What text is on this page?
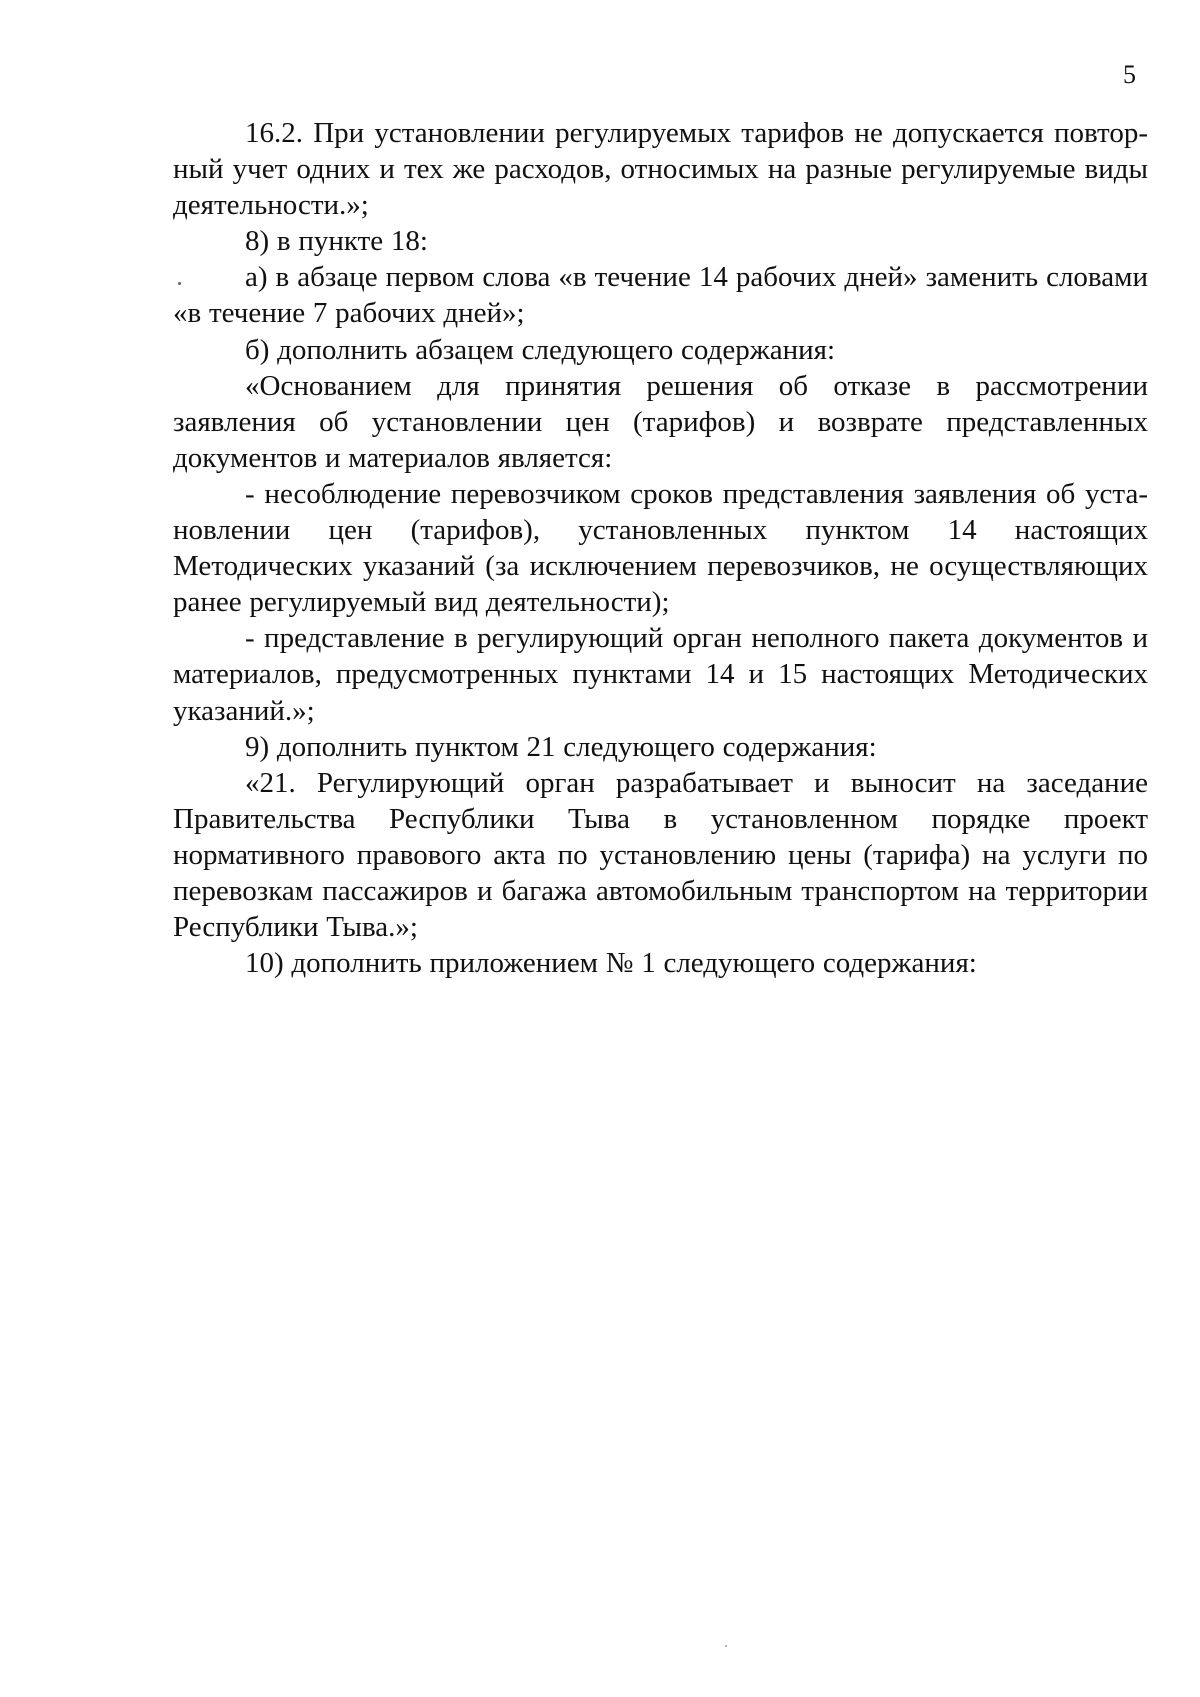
5

16.2. При установлении регулируемых тарифов не допускается повторный учет одних и тех же расходов, относимых на разные регулируемые виды деятельности.»;

8) в пункте 18:

а) в абзаце первом слова «в течение 14 рабочих дней» заменить словами «в течение 7 рабочих дней»;

б) дополнить абзацем следующего содержания:

«Основанием для принятия решения об отказе в рассмотрении заявления об установлении цен (тарифов) и возврате представленных документов и материалов является:

- несоблюдение перевозчиком сроков представления заявления об установлении цен (тарифов), установленных пунктом 14 настоящих Методических указаний (за исключением перевозчиков, не осуществляющих ранее регулируемый вид деятельности);

- представление в регулирующий орган неполного пакета документов и материалов, предусмотренных пунктами 14 и 15 настоящих Методических указаний.»;

9) дополнить пунктом 21 следующего содержания:

«21. Регулирующий орган разрабатывает и выносит на заседание Правительства Республики Тыва в установленном порядке проект нормативного правового акта по установлению цены (тарифа) на услуги по перевозкам пассажиров и багажа автомобильным транспортом на территории Республики Тыва.»;

10) дополнить приложением № 1 следующего содержания:
